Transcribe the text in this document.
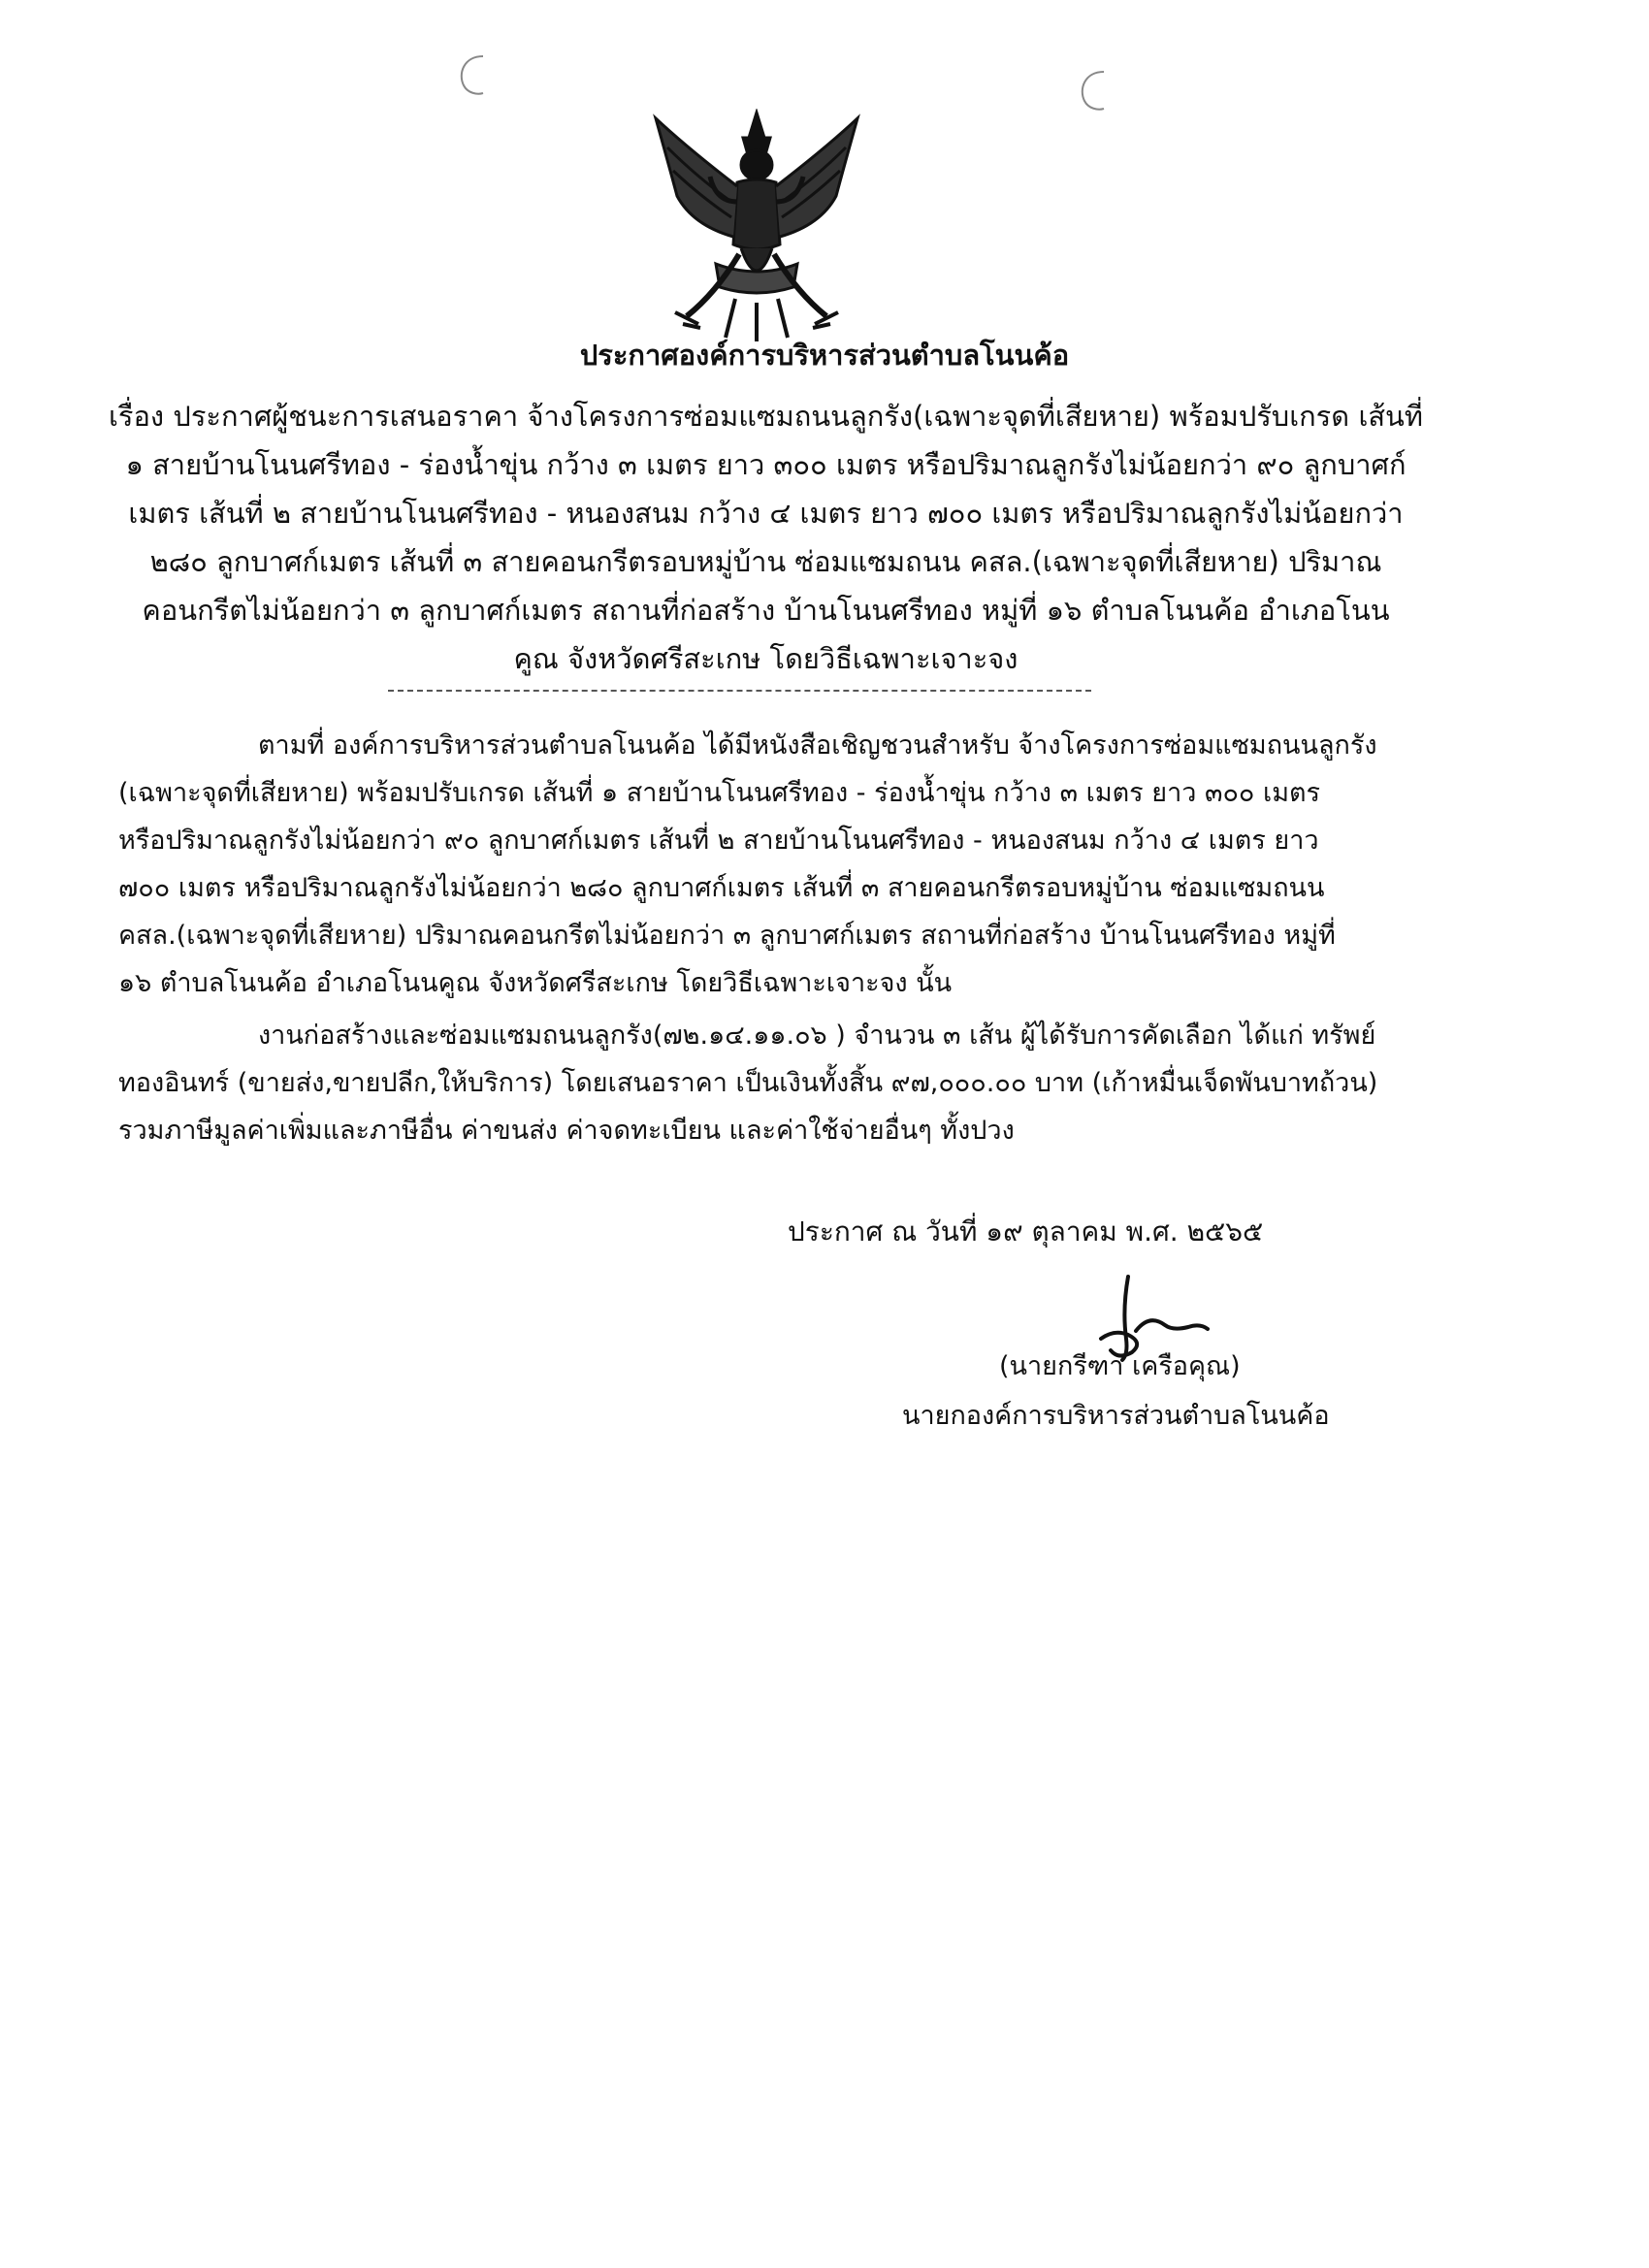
ประกาศองค์การบริหารส่วนตำบลโนนค้อ
เรื่อง ประกาศผู้ชนะการเสนอราคา จ้างโครงการซ่อมแซมถนนลูกรัง(เฉพาะจุดที่เสียหาย) พร้อมปรับเกรด เส้นที่
๑ สายบ้านโนนศรีทอง - ร่องน้ำขุ่น กว้าง ๓ เมตร ยาว ๓๐๐ เมตร หรือปริมาณลูกรังไม่น้อยกว่า ๙๐ ลูกบาศก์
เมตร เส้นที่ ๒ สายบ้านโนนศรีทอง - หนองสนม กว้าง ๔ เมตร ยาว ๗๐๐ เมตร หรือปริมาณลูกรังไม่น้อยกว่า
๒๘๐ ลูกบาศก์เมตร เส้นที่ ๓ สายคอนกรีตรอบหมู่บ้าน ซ่อมแซมถนน คสล.(เฉพาะจุดที่เสียหาย) ปริมาณ
คอนกรีตไม่น้อยกว่า ๓ ลูกบาศก์เมตร สถานที่ก่อสร้าง บ้านโนนศรีทอง หมู่ที่ ๑๖ ตำบลโนนค้อ อำเภอโนน
คูณ จังหวัดศรีสะเกษ โดยวิธีเฉพาะเจาะจง
ตามที่ องค์การบริหารส่วนตำบลโนนค้อ ได้มีหนังสือเชิญชวนสำหรับ จ้างโครงการซ่อมแซมถนนลูกรัง
(เฉพาะจุดที่เสียหาย) พร้อมปรับเกรด เส้นที่ ๑ สายบ้านโนนศรีทอง - ร่องน้ำขุ่น กว้าง ๓ เมตร ยาว ๓๐๐ เมตร
หรือปริมาณลูกรังไม่น้อยกว่า ๙๐ ลูกบาศก์เมตร เส้นที่ ๒ สายบ้านโนนศรีทอง - หนองสนม กว้าง ๔ เมตร ยาว
๗๐๐ เมตร หรือปริมาณลูกรังไม่น้อยกว่า ๒๘๐ ลูกบาศก์เมตร เส้นที่ ๓ สายคอนกรีตรอบหมู่บ้าน ซ่อมแซมถนน
คสล.(เฉพาะจุดที่เสียหาย) ปริมาณคอนกรีตไม่น้อยกว่า ๓ ลูกบาศก์เมตร สถานที่ก่อสร้าง บ้านโนนศรีทอง หมู่ที่
๑๖ ตำบลโนนค้อ อำเภอโนนคูณ จังหวัดศรีสะเกษ โดยวิธีเฉพาะเจาะจง นั้น
งานก่อสร้างและซ่อมแซมถนนลูกรัง(๗๒.๑๔.๑๑.๐๖ ) จำนวน ๓ เส้น ผู้ได้รับการคัดเลือก ได้แก่ ทรัพย์
ทองอินทร์ (ขายส่ง,ขายปลีก,ให้บริการ) โดยเสนอราคา เป็นเงินทั้งสิ้น ๙๗,๐๐๐.๐๐ บาท (เก้าหมื่นเจ็ดพันบาทถ้วน)
รวมภาษีมูลค่าเพิ่มและภาษีอื่น ค่าขนส่ง ค่าจดทะเบียน และค่าใช้จ่ายอื่นๆ ทั้งปวง
ประกาศ ณ วันที่ ๑๙ ตุลาคม พ.ศ. ๒๕๖๕
(นายกรีฑา เครือคุณ)
นายกองค์การบริหารส่วนตำบลโนนค้อ
